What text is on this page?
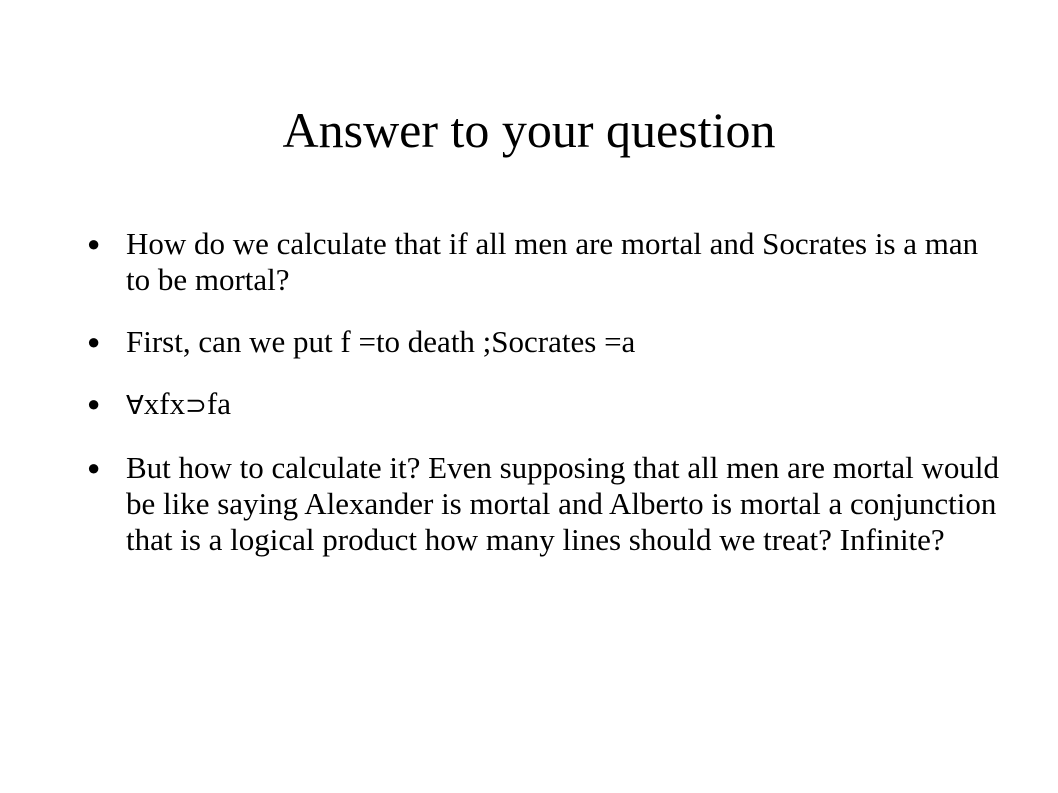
Answer to your question
● How do we calculate that if all men are mortal and Socrates is a man to be mortal?
● First, can we put f =to death ;Socrates =a
● ∀xfx⊃fa
● But how to calculate it? Even supposing that all men are mortal would be like saying Alexander is mortal and Alberto is mortal a conjunction that is a logical product how many lines should we treat? Infinite?
